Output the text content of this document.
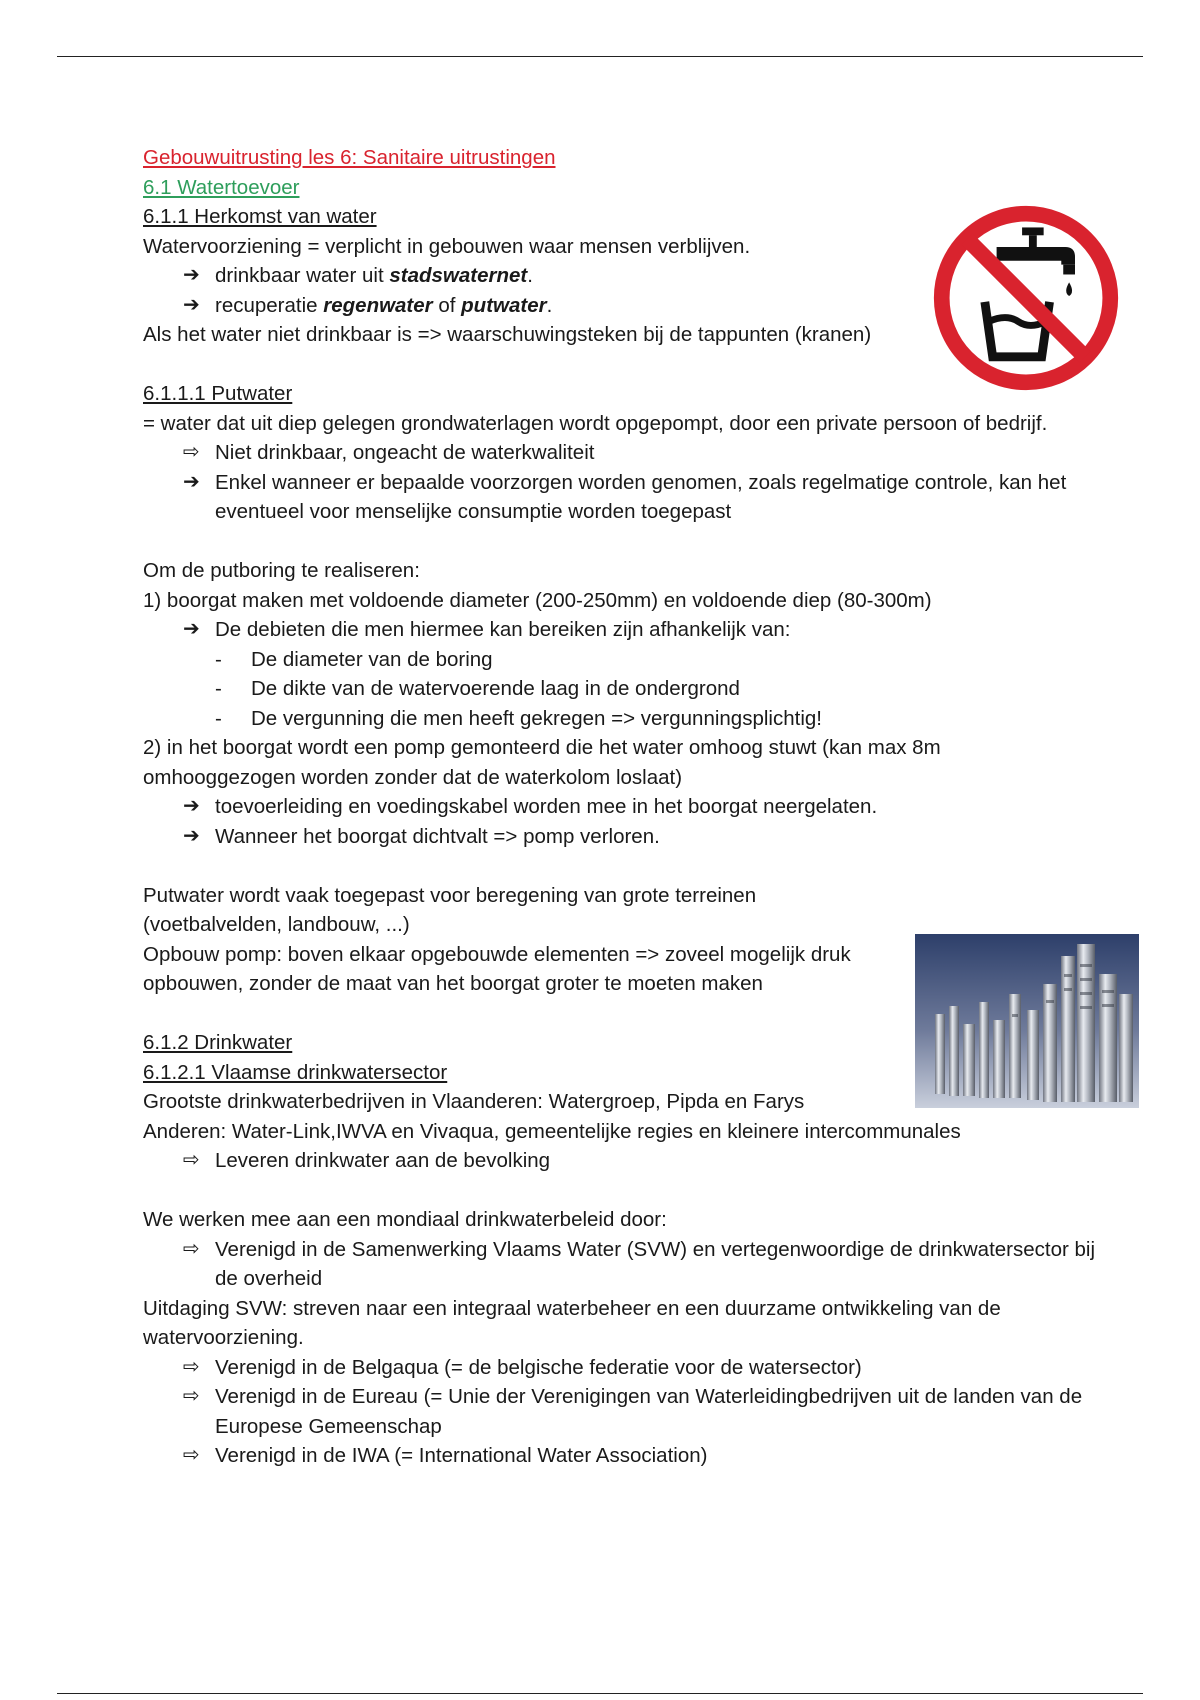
Gebouwuitrusting les 6: Sanitaire uitrustingen
6.1 Watertoevoer
6.1.1 Herkomst van water
Watervoorziening = verplicht in gebouwen waar mensen verblijven.
➔ drinkbaar water uit stadswaternet.
➔ recuperatie regenwater of putwater.
Als het water niet drinkbaar is => waarschuwingsteken bij de tappunten (kranen)
6.1.1.1 Putwater
= water dat uit diep gelegen grondwaterlagen wordt opgepompt, door een private persoon of bedrijf.
⇨ Niet drinkbaar, ongeacht de waterkwaliteit
➔ Enkel wanneer er bepaalde voorzorgen worden genomen, zoals regelmatige controle, kan het eventueel voor menselijke consumptie worden toegepast
Om de putboring te realiseren:
1) boorgat maken met voldoende diameter (200-250mm) en voldoende diep (80-300m)
➔ De debieten die men hiermee kan bereiken zijn afhankelijk van:
-	De diameter van de boring
-	De dikte van de watervoerende laag in de ondergrond
-	De vergunning die men heeft gekregen => vergunningsplichtig!
2) in het boorgat wordt een pomp gemonteerd die het water omhoog stuwt (kan max 8m omhooggezogen worden zonder dat de waterkolom loslaat)
➔ toevoerleiding en voedingskabel worden mee in het boorgat neergelaten.
➔ Wanneer het boorgat dichtvalt => pomp verloren.
Putwater wordt vaak toegepast voor beregening van grote terreinen (voetbalvelden, landbouw, ...)
Opbouw pomp: boven elkaar opgebouwde elementen => zoveel mogelijk druk opbouwen, zonder de maat van het boorgat groter te moeten maken
6.1.2 Drinkwater
6.1.2.1 Vlaamse drinkwatersector
Grootste drinkwaterbedrijven in Vlaanderen: Watergroep, Pipda en Farys
Anderen: Water-Link,IWVA en Vivaqua, gemeentelijke regies en kleinere intercommunales
⇨ Leveren drinkwater aan de bevolking
We werken mee aan een mondiaal drinkwaterbeleid door:
⇨ Verenigd in de Samenwerking Vlaams Water (SVW) en vertegenwoordige de drinkwatersector bij de overheid
Uitdaging SVW: streven naar een integraal waterbeheer en een duurzame ontwikkeling van de watervoorziening.
⇨ Verenigd in de Belgaqua (= de belgische federatie voor de watersector)
⇨ Verenigd in de Eureau (= Unie der Verenigingen van Waterleidingbedrijven uit de landen van de Europese Gemeenschap
⇨ Verenigd in de IWA (= International Water Association)
